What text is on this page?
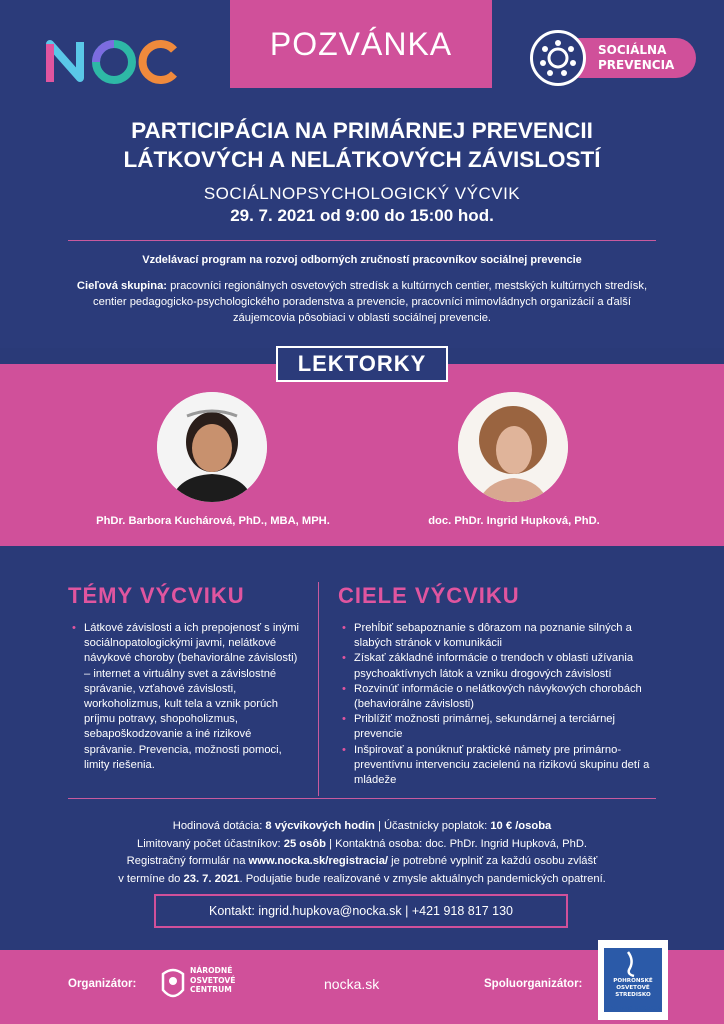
POZVÁNKA	SOCIÁLNA
PREVENCIA
PARTICIPÁCIA NA PRIMÁRNEJ PREVENCII
LÁTKOVÝCH A NELÁTKOVÝCH ZÁVISLOSTÍ
SOCIÁLNOPSYCHOLOGICKÝ VÝCVIK
29. 7. 2021 od 9:00 do 15:00 hod.
Vzdelávací program na rozvoj odborných zručností pracovníkov sociálnej prevencie
Cieľová skupina: pracovníci regionálnych osvetových stredísk a kultúrnych centier, mestských kultúrnych stredísk, centier pedagogicko-psychologického poradenstva a prevencie, pracovníci mimovládnych organizácií a ďalší záujemcovia pôsobiaci v oblasti sociálnej prevencie.
LEKTORKY
PhDr. Barbora Kuchárová, PhD., MBA, MPH.	doc. PhDr. Ingrid Hupková, PhD.
TÉMY VÝCVIKU	CIELE VÝCVIKU
• Látkové závislosti a ich prepojenosť s inými sociálnopatologickými javmi, nelátkové návykové choroby (behaviorálne závislosti) – internet a virtuálny svet a závislostné správanie, vzťahové závislosti, workoholizmus, kult tela a vznik porúch príjmu potravy, shopoholizmus, sebapoškodzovanie a iné rizikové správanie. Prevencia, možnosti pomoci, limity riešenia.
• Prehĺbiť sebapoznanie s dôrazom na poznanie silných a slabých stránok v komunikácii
• Získať základné informácie o trendoch v oblasti užívania psychoaktívnych látok a vzniku drogových závislostí
• Rozvinúť informácie o nelátkových návykových chorobách (behaviorálne závislosti)
• Priblížiť možnosti primárnej, sekundárnej a terciárnej prevencie
• Inšpirovať a ponúknuť praktické námety pre primárno-preventívnu intervenciu zacielenú na rizikovú skupinu detí a mládeže
Hodinová dotácia: 8 výcvikových hodín | Účastnícky poplatok: 10 € /osoba
Limitovaný počet účastníkov: 25 osôb | Kontaktná osoba: doc. PhDr. Ingrid Hupková, PhD.
Registračný formulár na www.nocka.sk/registracia/ je potrebné vyplniť za každú osobu zvlášť
v termíne do 23. 7. 2021. Podujatie bude realizované v zmysle aktuálnych pandemických opatrení.
Kontakt: ingrid.hupkova@nocka.sk | +421 918 817 130
Organizátor:
NÁRODNÉ
OSVETOVÉ
CENTRUM	nocka.sk	Spoluorganizátor:	POHRONSKÉ
OSVETOVÉ
STREDISKO
ŽIAR NAD HRONOM
